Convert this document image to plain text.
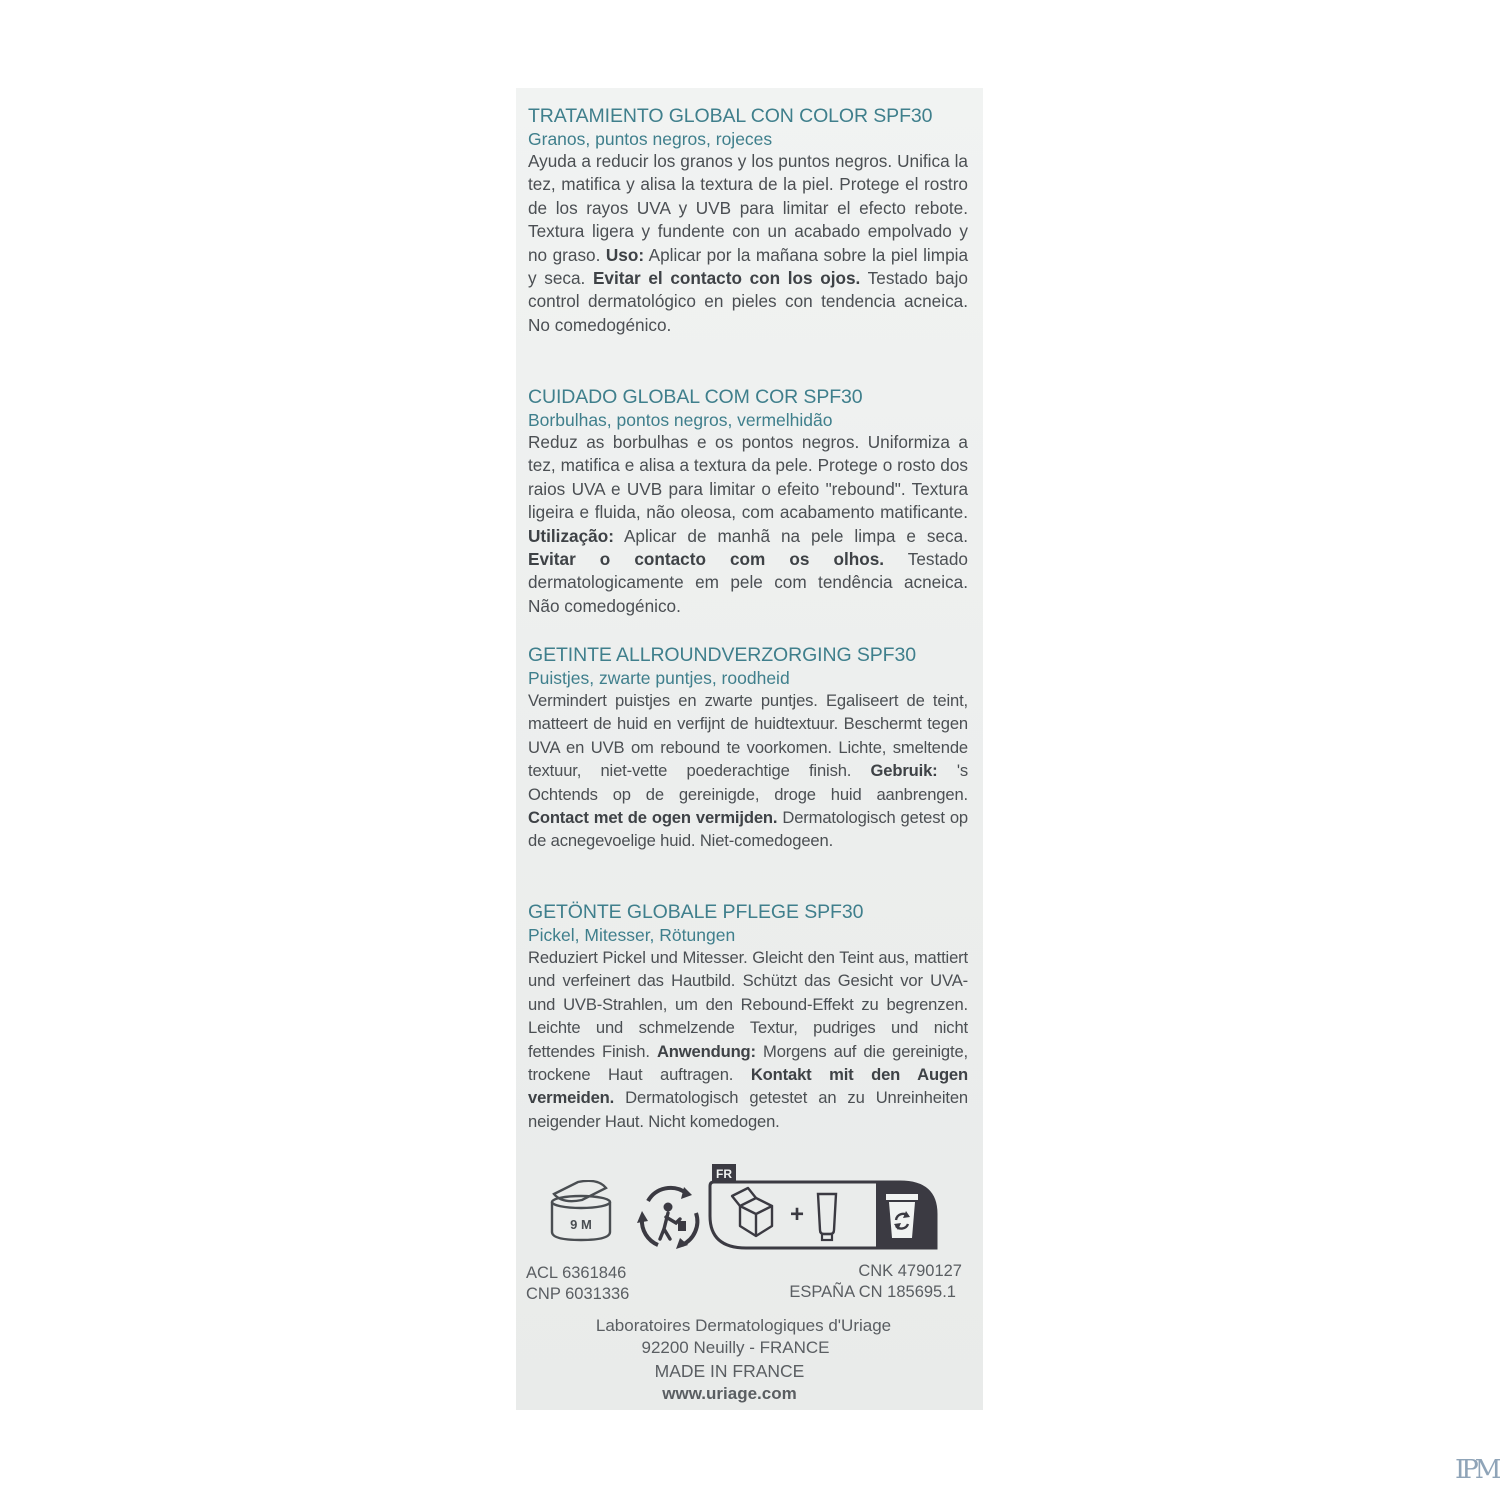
TRATAMIENTO GLOBAL CON COLOR SPF30
Granos, puntos negros, rojeces
Ayuda a reducir los granos y los puntos negros. Unifica la tez, matifica y alisa la textura de la piel. Protege el rostro de los rayos UVA y UVB para limitar el efecto rebote. Textura ligera y fundente con un acabado empolvado y no graso. Uso: Aplicar por la mañana sobre la piel limpia y seca. Evitar el contacto con los ojos. Testado bajo control dermatológico en pieles con tendencia acneica. No comedogénico.
CUIDADO GLOBAL COM COR SPF30
Borbulhas, pontos negros, vermelhidão
Reduz as borbulhas e os pontos negros. Uniformiza a tez, matifica e alisa a textura da pele. Protege o rosto dos raios UVA e UVB para limitar o efeito "rebound". Textura ligeira e fluida, não oleosa, com acabamento matificante. Utilização: Aplicar de manhã na pele limpa e seca. Evitar o contacto com os olhos. Testado dermatologicamente em pele com tendência acneica. Não comedogénico.
GETINTE ALLROUNDVERZORGING SPF30
Puistjes, zwarte puntjes, roodheid
Vermindert puistjes en zwarte puntjes. Egaliseert de teint, matteert de huid en verfijnt de huidtextuur. Beschermt tegen UVA en UVB om rebound te voorkomen. Lichte, smeltende textuur, niet-vette poederachtige finish. Gebruik: 's Ochtends op de gereinigde, droge huid aanbrengen. Contact met de ogen vermijden. Dermatologisch getest op de acnegevoelige huid. Niet-comedogeen.
GETÖNTE GLOBALE PFLEGE SPF30
Pickel, Mitesser, Rötungen
Reduziert Pickel und Mitesser. Gleicht den Teint aus, mattiert und verfeinert das Hautbild. Schützt das Gesicht vor UVA- und UVB-Strahlen, um den Rebound-Effekt zu begrenzen. Leichte und schmelzende Textur, pudriges und nicht fettendes Finish. Anwendung: Morgens auf die gereinigte, trockene Haut auftragen. Kontakt mit den Augen vermeiden. Dermatologisch getestet an zu Unreinheiten neigender Haut. Nicht komedogen.
9 M
FR
+
ACL 6361846
CNP 6031336
CNK 4790127
ESPAÑA CN 185695.1
Laboratoires Dermatologiques d'Uriage
92200 Neuilly - FRANCE
MADE IN FRANCE
www.uriage.com
IPM
